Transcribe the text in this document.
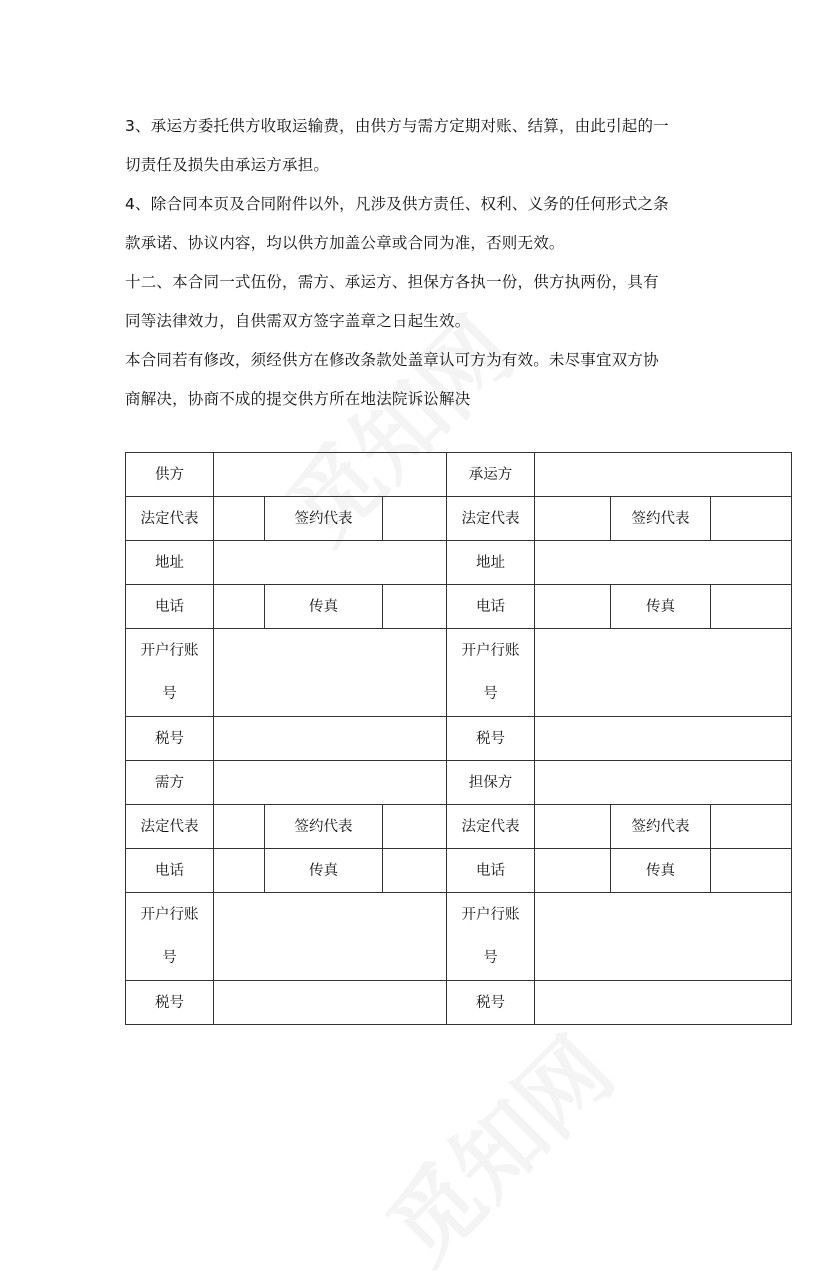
3、承运方委托供方收取运输费，由供方与需方定期对账、结算，由此引起的一
切责任及损失由承运方承担。
4、除合同本页及合同附件以外，凡涉及供方责任、权利、义务的任何形式之条
款承诺、协议内容，均以供方加盖公章或合同为准，否则无效。
十二、本合同一式伍份，需方、承运方、担保方各执一份，供方执两份，具有
同等法律效力，自供需双方签字盖章之日起生效。
本合同若有修改，须经供方在修改条款处盖章认可方为有效。未尽事宜双方协
商解决，协商不成的提交供方所在地法院诉讼解决
供方				承运方			
法定代表		签约代表		法定代表		签约代表	
地址				地址			
电话		传真		电话		传真	
开户行账号				开户行账号			
税号				税号			
需方				担保方			
法定代表		签约代表		法定代表		签约代表	
电话		传真		电话		传真	
开户行账号				开户行账号			
税号				税号			
